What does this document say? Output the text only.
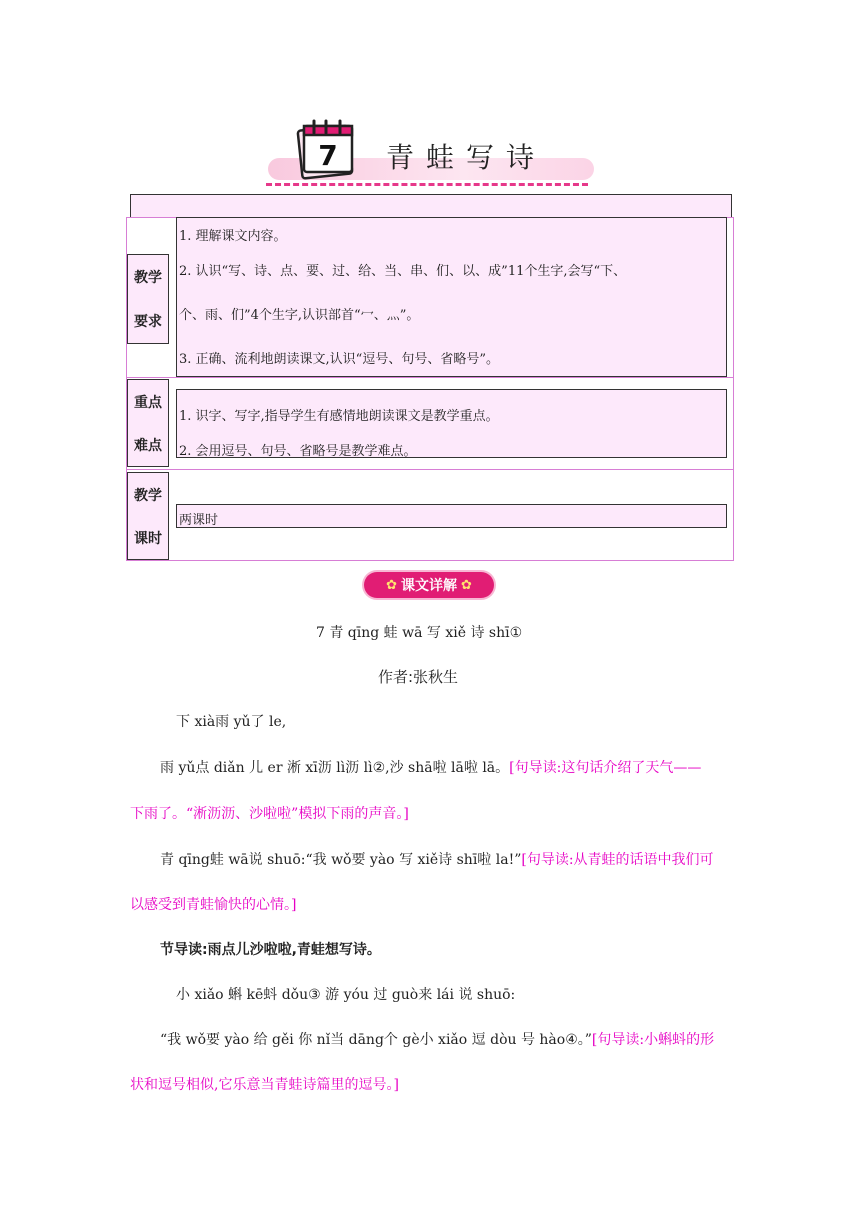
7 青蛙写诗
教学
要求
1. 理解课文内容。
2. 认识“写、诗、点、要、过、给、当、串、们、以、成”11个生字,会写“下、
个、雨、们”4个生字,认识部首“冖、灬”。
3. 正确、流利地朗读课文,认识“逗号、句号、省略号”。
重点
难点
1. 识字、写字,指导学生有感情地朗读课文是教学重点。
2. 会用逗号、句号、省略号是教学难点。
教学
课时
两课时
✿ 课文详解 ✿
7 青 qīng 蛙 wā 写 xiě 诗 shī①
作者:张秋生
下 xià雨 yǔ了 le,
雨 yǔ点 diǎn 儿 er 淅 xī沥 lì沥 lì②,沙 shā啦 lā啦 lā。[句导读:这句话介绍了天气——
下雨了。“淅沥沥、沙啦啦”模拟下雨的声音。]
青 qīng蛙 wā说 shuō:“我 wǒ要 yào 写 xiě诗 shī啦 la!”[句导读:从青蛙的话语中我们可
以感受到青蛙愉快的心情。]
节导读:雨点儿沙啦啦,青蛙想写诗。
小 xiǎo 蝌 kē蚪 dǒu③ 游 yóu 过 guò来 lái 说 shuō:
“我 wǒ要 yào 给 gěi 你 nǐ当 dāng个 gè小 xiǎo 逗 dòu 号 hào④。”[句导读:小蝌蚪的形
状和逗号相似,它乐意当青蛙诗篇里的逗号。]
